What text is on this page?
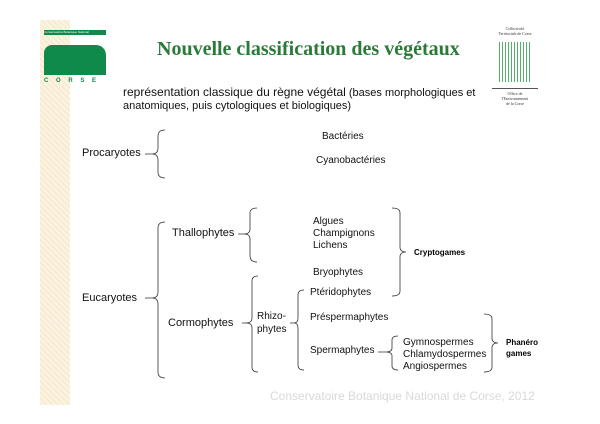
Conservatoire Botanique National
C O R S E
Nouvelle classification des végétaux
Collectivité
Territoriale de Corse
Office de
l'Environnement
de la Corse
représentation classique du règne végétal (bases morphologiques et
anatomiques, puis cytologiques et biologiques)
Procaryotes
Bactéries
Cyanobactéries
Eucaryotes
Thallophytes
Cormophytes
Algues
Champignons
Lichens
Bryophytes
Cryptogames
Rhizo-
phytes
Ptéridophytes
Préspermaphytes
Spermaphytes
Gymnospermes
Chlamydospermes
Angiospermes
Phanéro
games
Conservatoire Botanique National de Corse, 2012
